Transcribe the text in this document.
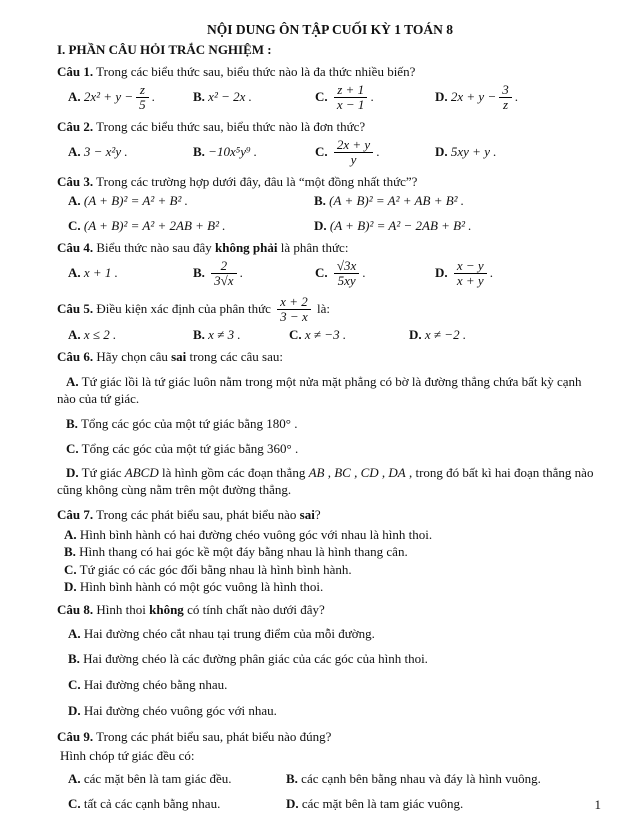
NỘI DUNG ÔN TẬP CUỐI KỲ 1 TOÁN 8
I. PHẦN CÂU HỎI TRẮC NGHIỆM :

Câu 1. Trong các biểu thức sau, biểu thức nào là đa thức nhiều biến?

A. $2x^2 + y - \frac{z}{5}$ .	B. x² − 2x .	C. $\frac{z + 1}{x - 1}$ .	D. $2x + y - \frac{3}{z}$ .

Câu 2. Trong các biểu thức sau, biểu thức nào là đơn thức?

A. 3 − x²y .	B. −10x⁵y⁹ .	C. $\frac{2x + y}{y}$ .	D. 5xy + y .

Câu 3. Trong các trường hợp dưới đây, đâu là “một đồng nhất thức”?

A. (A + B)² = A² + B² .	B. (A + B)² = A² + AB + B² .
C. (A + B)² = A² + 2AB + B² .	D. (A + B)² = A² − 2AB + B² .

Câu 4. Biểu thức nào sau đây không phải là phân thức:

A. x + 1 .	B. $\frac{2}{3√x}$ .	C. $\frac{√3x}{5xy}$ .	D. $\frac{x - y}{x + y}$ .

Câu 5. Điều kiện xác định của phân thức $\frac{x + 2}{3 - x}$ là:

A. x ≤ 2 .	B. x ≠ 3 .	C. x ≠ −3 .	D. x ≠ −2 .

Câu 6. Hãy chọn câu sai trong các câu sau:

A. Tứ giác lồi là tứ giác luôn nằm trong một nửa mặt phẳng có bờ là đường thẳng chứa bất kỳ cạnh nào của tứ giác.

B. Tổng các góc của một tứ giác bằng 180° .

C. Tổng các góc của một tứ giác bằng 360° .

D. Tứ giác ABCD là hình gồm các đoạn thẳng AB , BC , CD , DA , trong đó bất kì hai đoạn thẳng nào cũng không cùng nằm trên một đường thẳng.

Câu 7. Trong các phát biểu sau, phát biểu nào sai?

A. Hình bình hành có hai đường chéo vuông góc với nhau là hình thoi.

B. Hình thang có hai góc kề một đáy bằng nhau là hình thang cân.

C. Tứ giác có các góc đối bằng nhau là hình bình hành.

D. Hình bình hành có một góc vuông là hình thoi.

Câu 8. Hình thoi không có tính chất nào dưới đây?

A. Hai đường chéo cắt nhau tại trung điểm của mỗi đường.

B. Hai đường chéo là các đường phân giác của các góc của hình thoi.

C. Hai đường chéo bằng nhau.

D. Hai đường chéo vuông góc với nhau.

Câu 9. Trong các phát biểu sau, phát biểu nào đúng?

Hình chóp tứ giác đều có:

A. các mặt bên là tam giác đều.	B. các cạnh bên bằng nhau và đáy là hình vuông.
C. tất cả các cạnh bằng nhau.	D. các mặt bên là tam giác vuông.	1
